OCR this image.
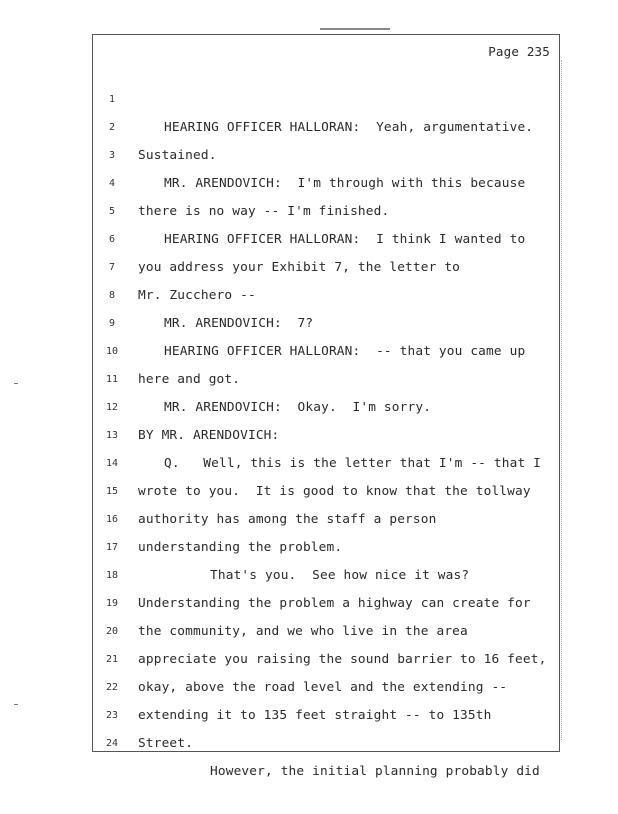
Page 235

1

HEARING OFFICER HALLORAN:  Yeah, argumentative.

2

Sustained.

3

MR. ARENDOVICH:  I'm through with this because

4

there is no way -- I'm finished.

5

HEARING OFFICER HALLORAN:  I think I wanted to

6

you address your Exhibit 7, the letter to

7

Mr. Zucchero --

8

MR. ARENDOVICH:  7?

9

HEARING OFFICER HALLORAN:  -- that you came up

10

here and got.

11

MR. ARENDOVICH:  Okay.  I'm sorry.

12

BY MR. ARENDOVICH:

13

Q.   Well, this is the letter that I'm -- that I

14

wrote to you.  It is good to know that the tollway

15

authority has among the staff a person

16

understanding the problem.

17

That's you.  See how nice it was?

18

Understanding the problem a highway can create for

19

the community, and we who live in the area

20

appreciate you raising the sound barrier to 16 feet,

21

okay, above the road level and the extending --

22

extending it to 135 feet straight -- to 135th

23

Street.

24

However, the initial planning probably did
